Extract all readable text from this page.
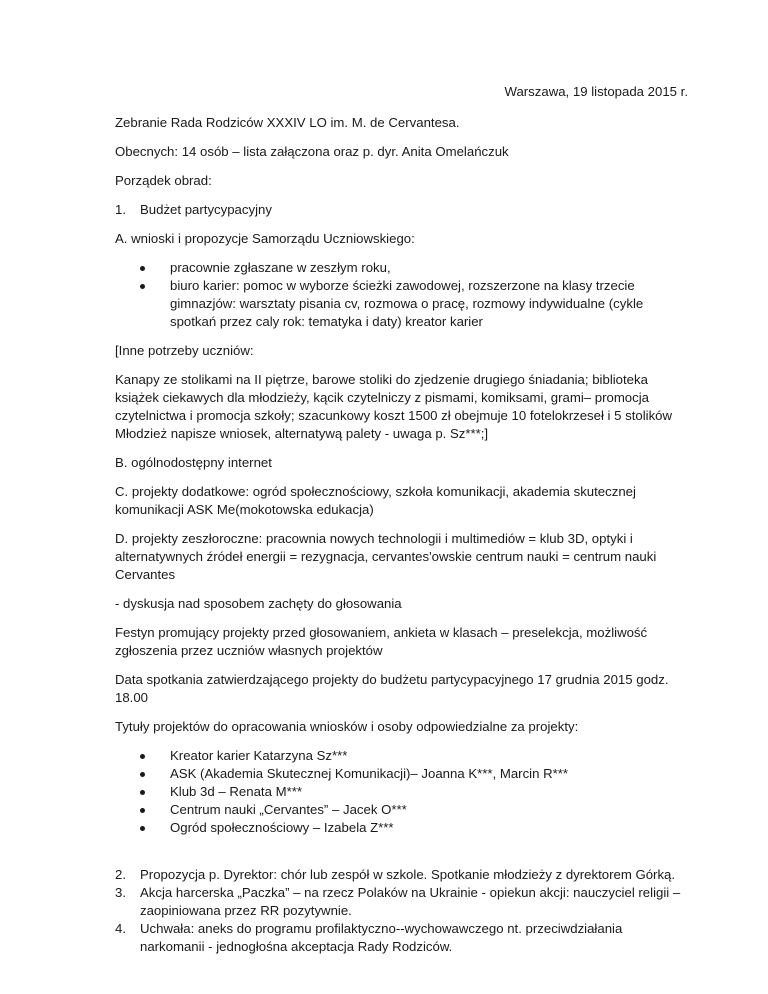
Warszawa, 19 listopada 2015 r.

Zebranie Rada Rodziców XXXIV LO im. M. de Cervantesa.

Obecnych: 14 osób – lista załączona oraz p. dyr. Anita Omelańczuk

Porządek obrad:

1. Budżet partycypacyjny

A. wnioski i propozycje Samorządu Uczniowskiego:

pracownie zgłaszane w zeszłym roku,
biuro karier: pomoc w wyborze ścieżki zawodowej, rozszerzone na klasy trzecie gimnazjów: warsztaty pisania cv, rozmowa o pracę, rozmowy indywidualne (cykle spotkań przez caly rok: tematyka i daty) kreator karier

[Inne potrzeby uczniów:

Kanapy ze stolikami na II piętrze, barowe stoliki do zjedzenie drugiego śniadania; biblioteka książek ciekawych dla młodzieży, kącik czytelniczy z pismami, komiksami, grami– promocja czytelnictwa i promocja szkoły; szacunkowy koszt 1500 zł obejmuje 10 fotelokrzeseł i 5 stolików Młodzież napisze wniosek, alternatywą palety - uwaga p. Sz***;]

B. ogólnodostępny internet

C. projekty dodatkowe: ogród społecznościowy, szkoła komunikacji, akademia skutecznej komunikacji ASK Me(mokotowska edukacja)

D. projekty zeszłoroczne: pracownia nowych technologii i multimediów = klub 3D, optyki i alternatywnych źródeł energii = rezygnacja, cervantes'owskie centrum nauki = centrum nauki Cervantes

- dyskusja nad sposobem zachęty do głosowania

Festyn promujący projekty przed głosowaniem, ankieta w klasach – preselekcja, możliwość zgłoszenia przez uczniów własnych projektów

Data spotkania zatwierdzającego projekty do budżetu partycypacyjnego 17 grudnia 2015 godz. 18.00

Tytuły projektów do opracowania wniosków i osoby odpowiedzialne za projekty:

Kreator karier Katarzyna Sz***
ASK (Akademia Skutecznej Komunikacji)– Joanna K***, Marcin R***
Klub 3d – Renata M***
Centrum nauki „Cervantes” – Jacek O***
Ogród społecznościowy – Izabela Z***
2. Propozycja p. Dyrektor: chór lub zespół w szkole. Spotkanie młodzieży z dyrektorem Górką.
3. Akcja harcerska „Paczka” – na rzecz Polaków na Ukrainie - opiekun akcji: nauczyciel religii – zaopiniowana przez RR pozytywnie.
4. Uchwała: aneks do programu profilaktyczno--wychowawczego nt. przeciwdziałania narkomanii - jednogłośna akceptacja Rady Rodziców.
